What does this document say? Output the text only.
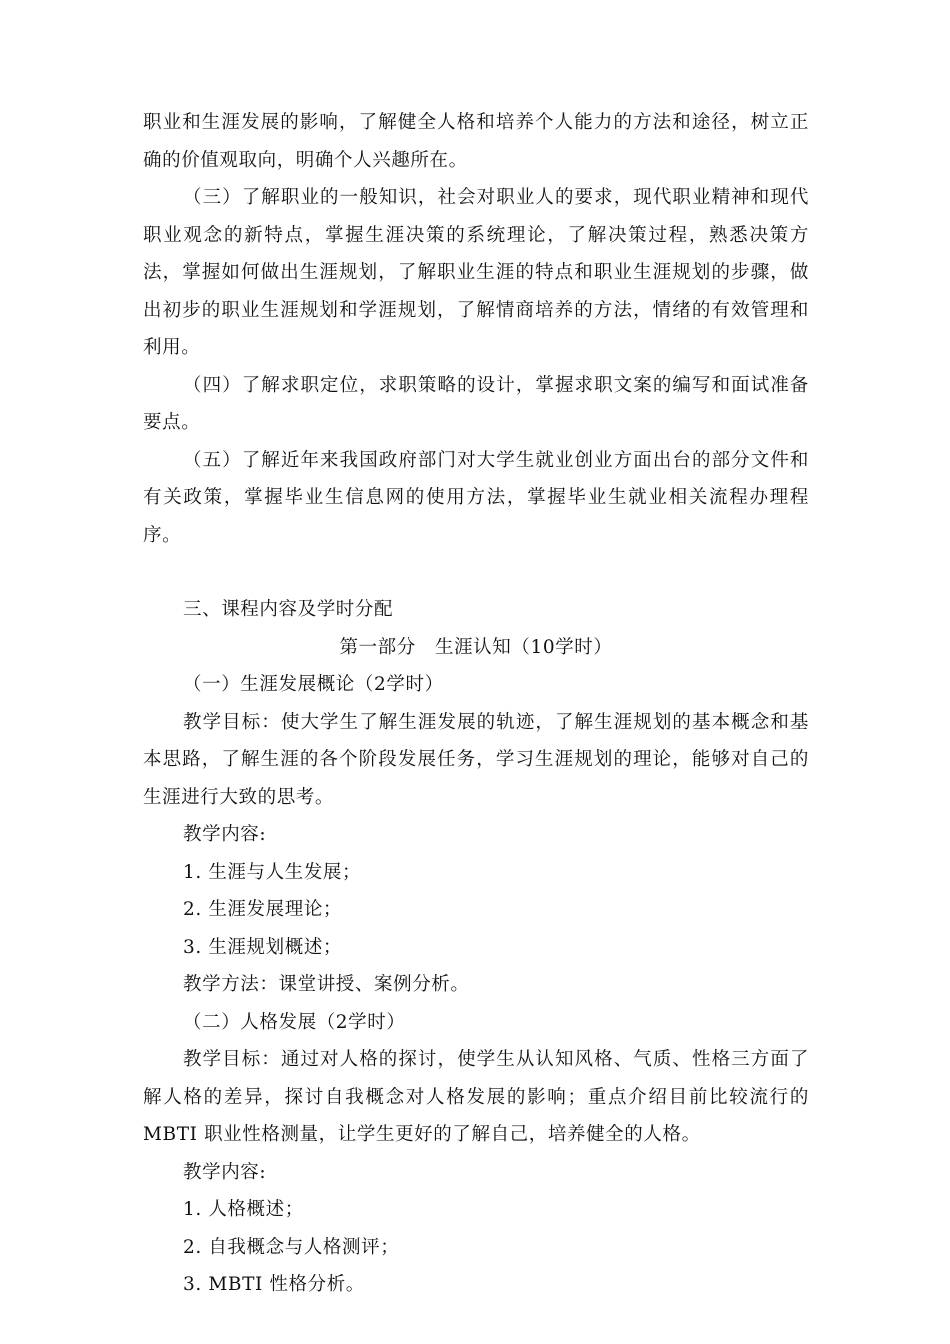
职业和生涯发展的影响，了解健全人格和培养个人能力的方法和途径，树立正确的价值观取向，明确个人兴趣所在。

（三）了解职业的一般知识，社会对职业人的要求，现代职业精神和现代职业观念的新特点，掌握生涯决策的系统理论，了解决策过程，熟悉决策方法，掌握如何做出生涯规划，了解职业生涯的特点和职业生涯规划的步骤，做出初步的职业生涯规划和学涯规划，了解情商培养的方法，情绪的有效管理和利用。

（四）了解求职定位，求职策略的设计，掌握求职文案的编写和面试准备要点。

（五）了解近年来我国政府部门对大学生就业创业方面出台的部分文件和有关政策，掌握毕业生信息网的使用方法，掌握毕业生就业相关流程办理程序。

三、课程内容及学时分配

第一部分　生涯认知（10学时）

（一）生涯发展概论（2学时）

教学目标：使大学生了解生涯发展的轨迹，了解生涯规划的基本概念和基本思路，了解生涯的各个阶段发展任务，学习生涯规划的理论，能够对自己的生涯进行大致的思考。

教学内容:

1. 生涯与人生发展；

2. 生涯发展理论；

3. 生涯规划概述；

教学方法：课堂讲授、案例分析。

（二）人格发展（2学时）

教学目标：通过对人格的探讨，使学生从认知风格、气质、性格三方面了解人格的差异，探讨自我概念对人格发展的影响；重点介绍目前比较流行的 MBTI 职业性格测量，让学生更好的了解自己，培养健全的人格。

教学内容:

1. 人格概述；

2. 自我概念与人格测评；

3. MBTI 性格分析。
